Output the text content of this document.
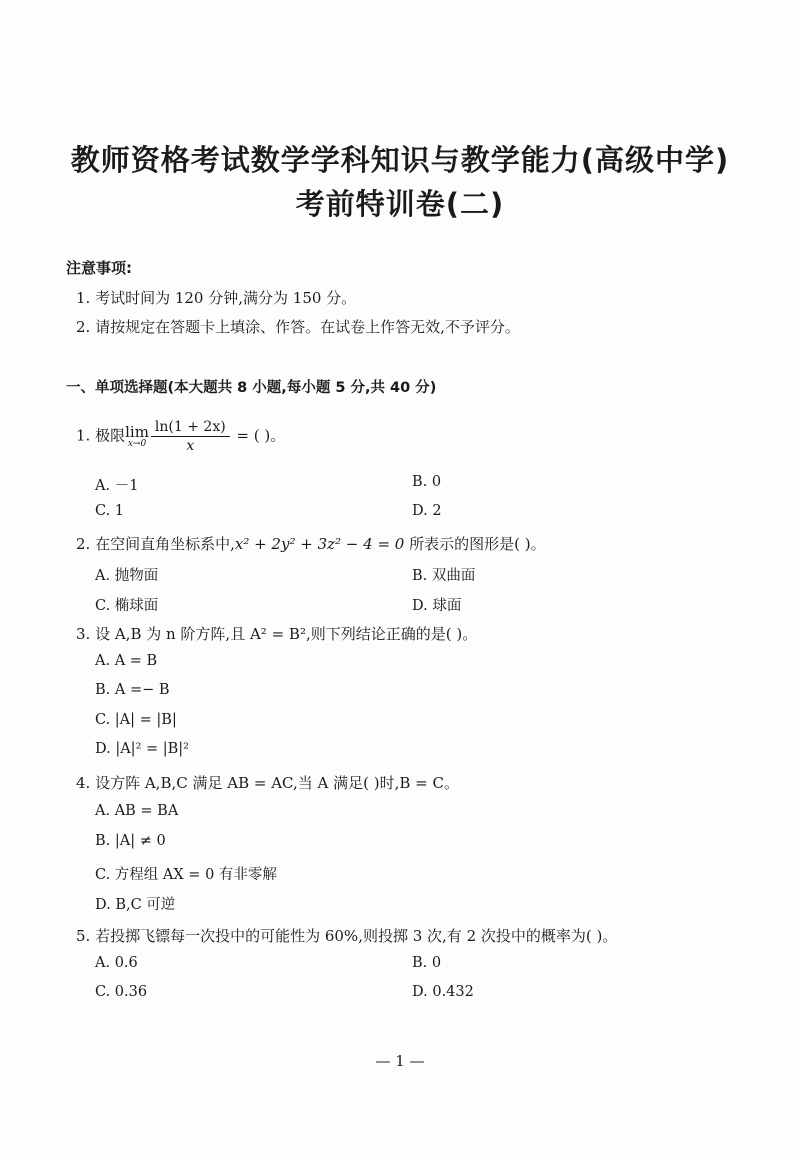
教师资格考试数学学科知识与教学能力(高级中学)
考前特训卷(二)
注意事项:
1. 考试时间为 120 分钟,满分为 150 分。
2. 请按规定在答题卡上填涂、作答。在试卷上作答无效,不予评分。
一、单项选择题(本大题共 8 小题,每小题 5 分,共 40 分)
1. 极限 lim
$x\to 0 \frac{\ln(1 + 2x)}{x}$ = ( )。
A. －1	B. 0
C. 1	D. 2
2. 在空间直角坐标系中,x² + 2y² + 3z² − 4 = 0 所表示的图形是( )。
A. 抛物面	B. 双曲面
C. 椭球面	D. 球面
3. 设 A,B 为 n 阶方阵,且 A² = B²,则下列结论正确的是( )。
A. A = B
B. A =− B
C. |A| = |B|
D. |A|² = |B|²
4. 设方阵 A,B,C 满足 AB = AC,当 A 满足( )时,B = C。
A. AB = BA
B. |A| ≠ 0
C. 方程组 AX = 0 有非零解
D. B,C 可逆
5. 若投掷飞镖每一次投中的可能性为 60%,则投掷 3 次,有 2 次投中的概率为( )。
A. 0.6	B. 0
C. 0.36	D. 0.432
— 1 —
